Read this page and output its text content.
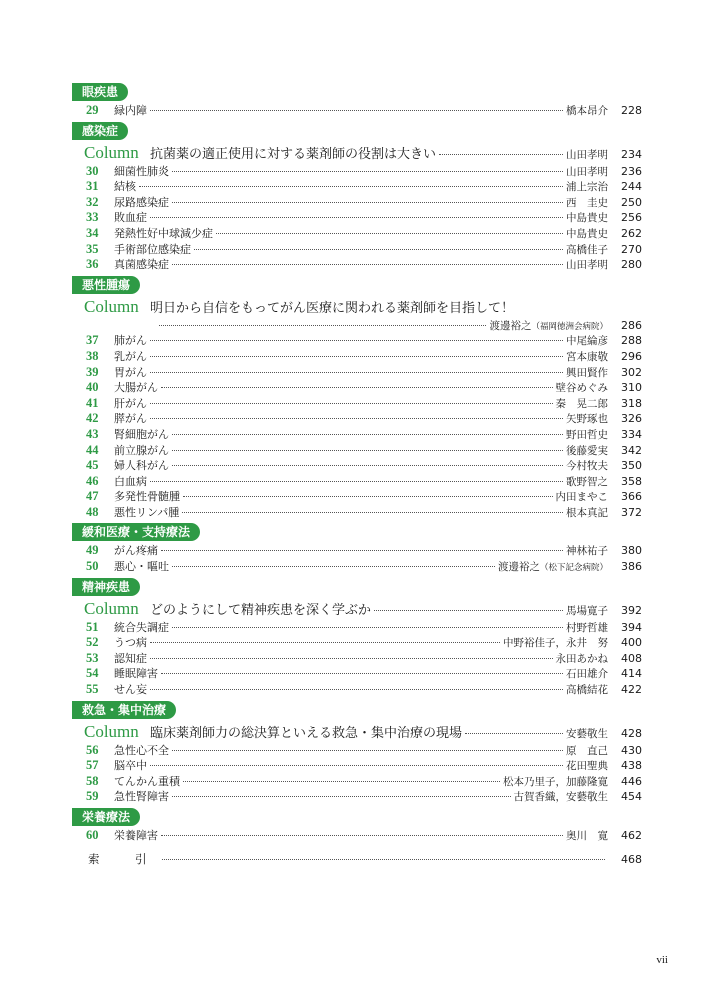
眼疾患

29	緑内障	橋本昂介	228
感染症

Column 抗菌薬の適正使用に対する薬剤師の役割は大きい	山田孝明	234
30	細菌性肺炎	山田孝明	236
31	結核	浦上宗治	244
32	尿路感染症	西　圭史	250
33	敗血症	中島貴史	256
34	発熱性好中球減少症	中島貴史	262
35	手術部位感染症	高橋佳子	270
36	真菌感染症	山田孝明	280
悪性腫瘍

Column 明日から自信をもってがん医療に関われる薬剤師を目指して！
渡邊裕之 （福岡徳洲会病院）	286
37	肺がん	中尾綸彦	288
38	乳がん	宮本康敬	296
39	胃がん	興田賢作	302
40	大腸がん	壁谷めぐみ	310
41	肝がん	秦　晃二郎	318
42	膵がん	矢野琢也	326
43	腎細胞がん	野田哲史	334
44	前立腺がん	後藤愛実	342
45	婦人科がん	今村牧夫	350
46	白血病	歌野智之	358
47	多発性骨髄腫	内田まやこ	366
48	悪性リンパ腫	根本真記	372
緩和医療・支持療法

49	がん疼痛	神林祐子	380
50	悪心・嘔吐	渡邊裕之 （松下記念病院）	386
精神疾患

Column どのようにして精神疾患を深く学ぶか	馬場寛子	392
51	統合失調症	村野哲雄	394
52	うつ病	中野裕佳子，永井　努	400
53	認知症	永田あかね	408
54	睡眠障害	石田雄介	414
55	せん妄	高橋結花	422
救急・集中治療

Column 臨床薬剤師力の総決算といえる救急・集中治療の現場	安藝敬生	428
56	急性心不全	原　直己	430
57	脳卒中	花田聖典	438
58	てんかん重積	松本乃里子，加藤隆寛	446
59	急性腎障害	古賀香織，安藝敬生	454
栄養療法

60	栄養障害	奥川　寛	462
索　引	468
vii
